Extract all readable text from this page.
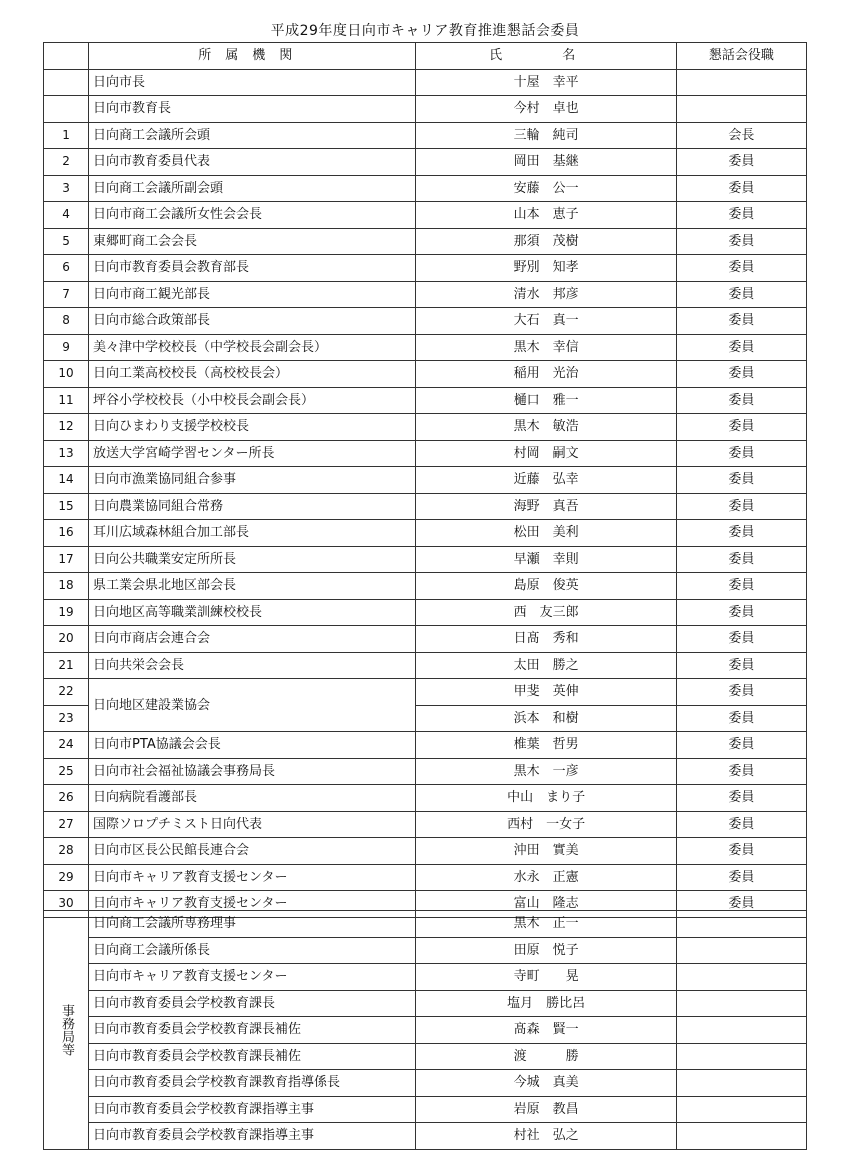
平成29年度日向市キャリア教育推進懇話会委員
	所属機関	氏 名	懇話会役職
	日向市長	十屋　幸平	
	日向市教育長	今村　卓也	
1	日向商工会議所会頭	三輪　純司	会長
2	日向市教育委員代表	岡田　基継	委員
3	日向商工会議所副会頭	安藤　公一	委員
4	日向市商工会議所女性会会長	山本　恵子	委員
5	東郷町商工会会長	那須　茂樹	委員
6	日向市教育委員会教育部長	野別　知孝	委員
7	日向市商工観光部長	清水　邦彦	委員
8	日向市総合政策部長	大石　真一	委員
9	美々津中学校校長（中学校長会副会長）	黒木　幸信	委員
10	日向工業高校校長（高校校長会）	稲用　光治	委員
11	坪谷小学校校長（小中校長会副会長）	樋口　雅一	委員
12	日向ひまわり支援学校校長	黒木　敏浩	委員
13	放送大学宮崎学習センター所長	村岡　嗣文	委員
14	日向市漁業協同組合参事	近藤　弘幸	委員
15	日向農業協同組合常務	海野　真吾	委員
16	耳川広域森林組合加工部長	松田　美利	委員
17	日向公共職業安定所所長	早瀬　幸則	委員
18	県工業会県北地区部会長	島原　俊英	委員
19	日向地区高等職業訓練校校長	西　友三郎	委員
20	日向市商店会連合会	日髙　秀和	委員
21	日向共栄会会長	太田　勝之	委員
22	日向地区建設業協会	甲斐　英伸	委員
23		浜本　和樹	委員
24	日向市PTA協議会会長	椎葉　哲男	委員
25	日向市社会福祉協議会事務局長	黒木　一彦	委員
26	日向病院看護部長	中山　まり子	委員
27	国際ソロプチミスト日向代表	西村　一女子	委員
28	日向市区長公民館長連合会	沖田　實美	委員
29	日向市キャリア教育支援センター	水永　正憲	委員
30	日向市キャリア教育支援センター	富山　隆志	委員
事務局等	日向商工会議所専務理事	黒木　正一	
	日向商工会議所係長	田原　悦子	
	日向市キャリア教育支援センター	寺町　　晃	
	日向市教育委員会学校教育課長	塩月　勝比呂	
	日向市教育委員会学校教育課長補佐	髙森　賢一	
	日向市教育委員会学校教育課長補佐	渡　　　勝	
	日向市教育委員会学校教育課教育指導係長	今城　真美	
	日向市教育委員会学校教育課指導主事	岩原　教昌	
	日向市教育委員会学校教育課指導主事	村社　弘之	
